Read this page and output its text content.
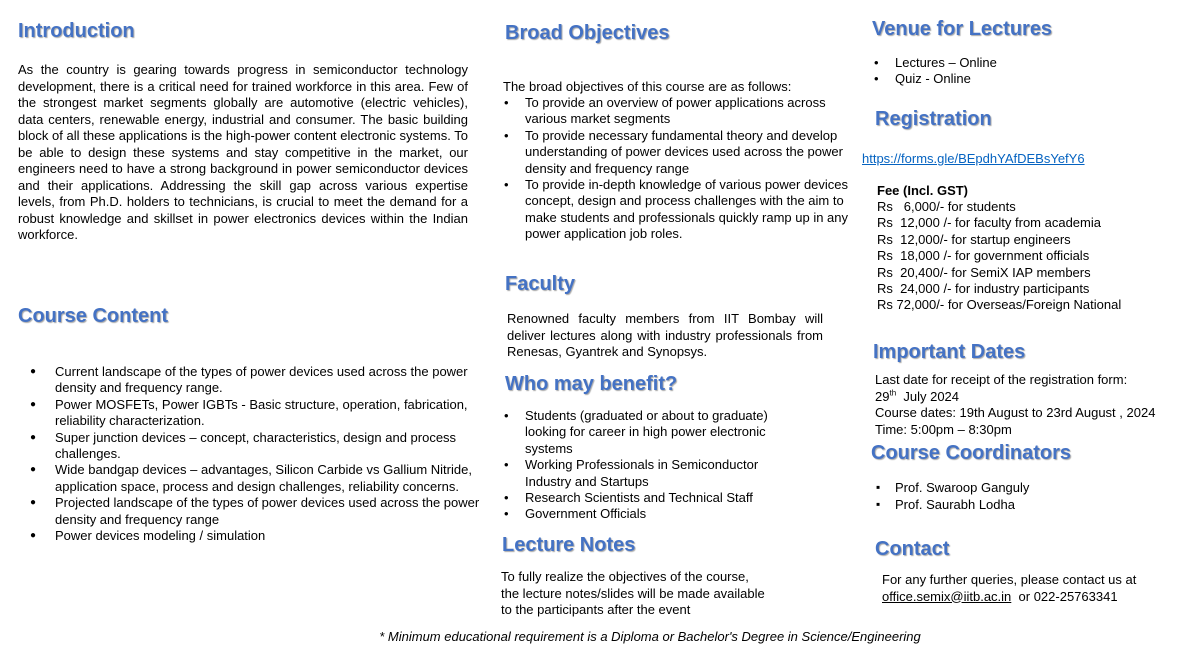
Introduction
As the country is gearing towards progress in semiconductor technology development, there is a critical need for trained workforce in this area. Few of the strongest market segments globally are automotive (electric vehicles), data centers, renewable energy, industrial and consumer. The basic building block of all these applications is the high-power content electronic systems. To be able to design these systems and stay competitive in the market, our engineers need to have a strong background in power semiconductor devices and their applications. Addressing the skill gap across various expertise levels, from Ph.D. holders to technicians, is crucial to meet the demand for a robust knowledge and skillset in power electronics devices within the Indian workforce.
Course Content
● Current landscape of the types of power devices used across the power density and frequency range.
● Power MOSFETs, Power IGBTs - Basic structure, operation, fabrication, reliability characterization.
● Super junction devices – concept, characteristics, design and process challenges.
● Wide bandgap devices – advantages, Silicon Carbide vs Gallium Nitride, application space, process and design challenges, reliability concerns.
● Projected landscape of the types of power devices used across the power density and frequency range
● Power devices modeling / simulation
Broad Objectives
The broad objectives of this course are as follows:
• To provide an overview of power applications across various market segments
• To provide necessary fundamental theory and develop understanding of power devices used across the power density and frequency range
• To provide in-depth knowledge of various power devices concept, design and process challenges with the aim to make students and professionals quickly ramp up in any power application job roles.
Faculty
Renowned faculty members from IIT Bombay will deliver lectures along with industry professionals from Renesas, Gyantrek and Synopsys.
Who may benefit?
• Students (graduated or about to graduate) looking for career in high power electronic systems
• Working Professionals in Semiconductor Industry and Startups
• Research Scientists and Technical Staff
• Government Officials
Lecture Notes
To fully realize the objectives of the course,
the lecture notes/slides will be made available
to the participants after the event
Venue for Lectures
• Lectures – Online
• Quiz - Online
Registration
https://forms.gle/BEpdhYAfDEBsYefY6
Fee (Incl. GST)
Rs   6,000/- for students
Rs  12,000 /- for faculty from academia
Rs  12,000/- for startup engineers
Rs  18,000 /- for government officials
Rs  20,400/- for SemiX IAP members
Rs  24,000 /- for industry participants
Rs 72,000/- for Overseas/Foreign National
Important Dates
Last date for receipt of the registration form:
29th  July 2024
Course dates: 19th August to 23rd August , 2024
Time: 5:00pm – 8:30pm
Course Coordinators
▪ Prof. Swaroop Ganguly
▪ Prof. Saurabh Lodha
Contact
For any further queries, please contact us at
office.semix@iitb.ac.in  or 022-25763341
* Minimum educational requirement is a Diploma or Bachelor's Degree in Science/Engineering
